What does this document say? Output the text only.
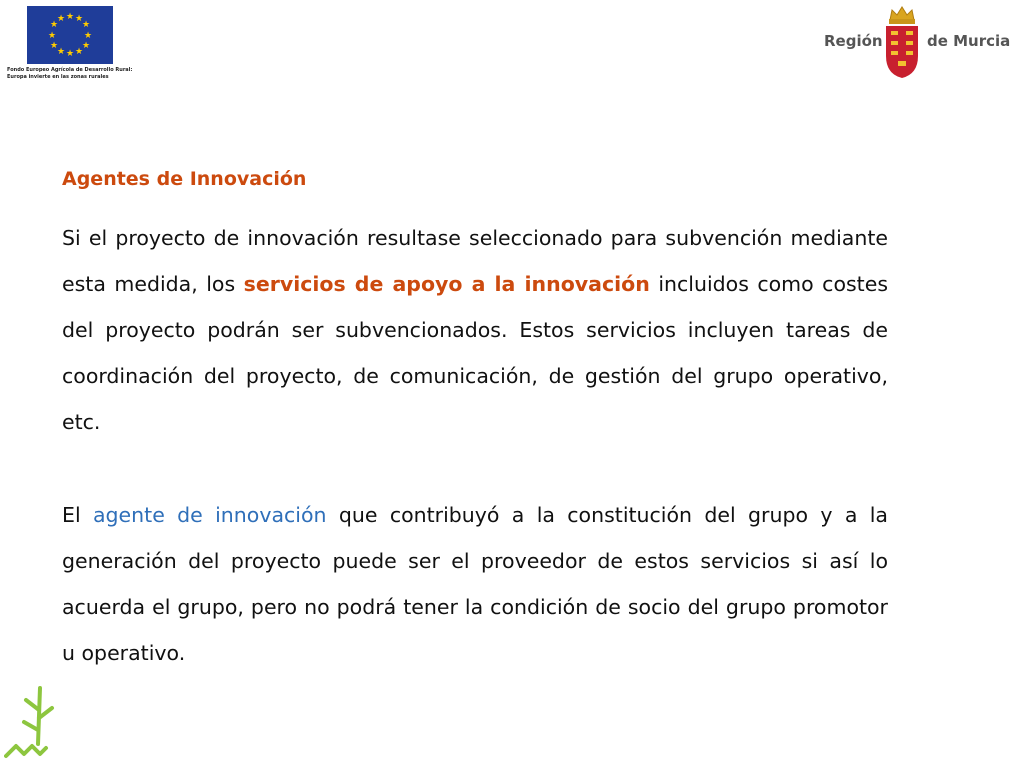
★ ★
★
★
★
★
★
★
★
★
★
★
Fondo Europeo Agrícola de Desarrollo Rural:
Europa invierte en las zonas rurales
Región	de Murcia
Agentes de Innovación
Si el proyecto de innovación resultase seleccionado para subvención mediante esta medida, los servicios de apoyo a la innovación incluidos como costes del proyecto podrán ser subvencionados. Estos servicios incluyen tareas de coordinación del proyecto, de comunicación, de gestión del grupo operativo, etc.
El agente de innovación que contribuyó a la constitución del grupo y a la generación del proyecto puede ser el proveedor de estos servicios si así lo acuerda el grupo, pero no podrá tener la condición de socio del grupo promotor u operativo.
